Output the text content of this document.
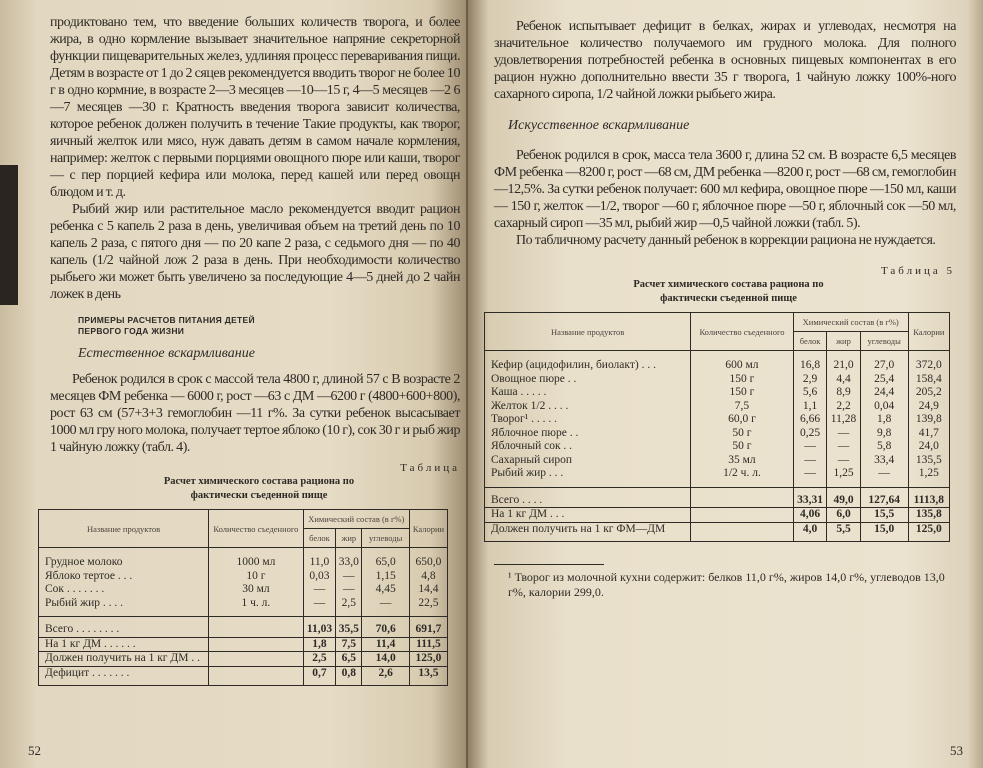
продиктовано тем, что введение больших количеств творога, и более жира, в одно кормление вызывает значительное напряние секреторной функции пищеварительных желез, удлиняя процесс переваривания пищи. Детям в возрасте от 1 до 2 сяцев рекомендуется вводить творог не более 10 г в одно кормние, в возрасте 2—3 месяцев —10—15 г, 4—5 месяцев —2 6—7 месяцев —30 г. Кратность введения творога зависит количества, которое ребенок должен получить в течение Такие продукты, как творог, яичный желток или мясо, нуж давать детям в самом начале кормления, например: желток с первыми порциями овощного пюре или каши, творог — с пер порцией кефира или молока, перед кашей или перед овощн блюдом и т. д.

Рыбий жир или растительное масло рекомендуется вводит рацион ребенка с 5 капель 2 раза в день, увеличивая объем на третий день по 10 капель 2 раза, с пятого дня — по 20 капе 2 раза, с седьмого дня — по 40 капель (1/2 чайной лож 2 раза в день. При необходимости количество рыбьего жи может быть увеличено за последующие 4—5 дней до 2 чайн ложек в день

ПРИМЕРЫ РАСЧЕТОВ ПИТАНИЯ ДЕТЕЙ ПЕРВОГО ГОДА ЖИЗНИ
Естественное вскармливание

Ребенок родился в срок с массой тела 4800 г, длиной 57 с В возрасте 2 месяцев ФМ ребенка — 6000 г, рост —63 с ДМ —6200 г (4800+600+800), рост 63 см (57+3+3 гемоглобин —11 г%. За сутки ребенок высасывает 1000 мл гру ного молока, получает тертое яблоко (10 г), сок 30 г и рыб жир 1 чайную ложку (табл. 4).

Таблица
Расчет химического состава рациона по фактически съеденной пище
Название продуктов	Количество съеденного	Химический состав (в г%)			Калории
		белок	жир	углеводы	
Грудное молоко	1000 мл	11,0	33,0	65,0	650,0
Яблоко тертое . . .	10 г	0,03	—	1,15	4,8
Сок . . . . . . .	30 мл	—	—	4,45	14,4
Рыбий жир . . . .	1 ч. л.	—	2,5	—	22,5
Всего . . . . . . . .		11,03	35,5	70,6	691,7
На 1 кг ДМ . . . . . .		1,8	7,5	11,4	111,5
Должен получить на 1 кг ДМ . .		2,5	6,5	14,0	125,0
Дефицит . . . . . . .		0,7	0,8	2,6	13,5
52

Ребенок испытывает дефицит в белках, жирах и углеводах, несмотря на значительное количество получаемого им грудного молока. Для полного удовлетворения потребностей ребенка в основных пищевых компонентах в его рацион нужно дополнительно ввести 35 г творога, 1 чайную ложку 100%-ного сахарного сиропа, 1/2 чайной ложки рыбьего жира.

Искусственное вскармливание

Ребенок родился в срок, масса тела 3600 г, длина 52 см. В возрасте 6,5 месяцев ФМ ребенка —8200 г, рост —68 см, ДМ ребенка —8200 г, рост —68 см, гемоглобин —12,5%. За сутки ребенок получает: 600 мл кефира, овощное пюре —150 мл, каши — 150 г, желток —1/2, творог —60 г, яблочное пюре —50 г, яблочный сок —50 мл, сахарный сироп —35 мл, рыбий жир —0,5 чайной ложки (табл. 5).

По табличному расчету данный ребенок в коррекции рациона не нуждается.

Таблица 5
Расчет химического состава рациона по фактически съеденной пище
Название продуктов	Количество съеденного	Химический состав (в г%)			Калории
		белок	жир	углеводы	
Кефир (ацидофилин, биолакт) . . .	600 мл	16,8	21,0	27,0	372,0
Овощное пюре . .	150 г	2,9	4,4	25,4	158,4
Каша . . . . .	150 г	5,6	8,9	24,4	205,2
Желток 1/2 . . . .	7,5	1,1	2,2	0,04	24,9
Творог¹ . . . . .	60,0 г	6,66	11,28	1,8	139,8
Яблочное пюре . .	50 г	0,25	—	9,8	41,7
Яблочный сок . .	50 г	—	—	5,8	24,0
Сахарный сироп	35 мл	—	—	33,4	135,5
Рыбий жир . . .	1/2 ч. л.	—	1,25	—	1,25
Всего . . . .		33,31	49,0	127,64	1113,8
На 1 кг ДМ . . .		4,06	6,0	15,5	135,8
Должен получить на 1 кг ФМ—ДМ		4,0	5,5	15,0	125,0
¹ Творог из молочной кухни содержит: белков 11,0 г%, жиров 14,0 г%, углеводов 13,0 г%, калории 299,0.
53
